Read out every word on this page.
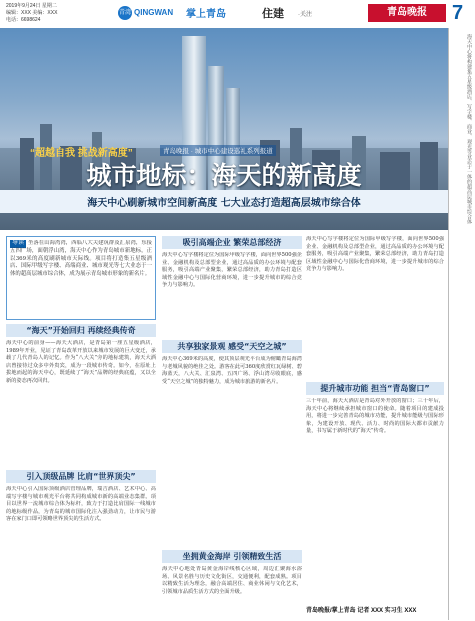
2019年9月24日 星期二
编辑：XXX 美编：XXX
电话：6698624
青湾 QINGWAN 掌上青岛	住建 ·关注	青岛晚报	7
“超越自我 挑战新高度”	青岛晚报 · 城市中心建设巡礼系列报道
城市地标：海天的新高度
海天中心刷新城市空间新高度 七大业态打造超高层城市综合体	海天中心将构建集五星级酒店、写字楼、商业、观光等业态于一体的超高层城市综合体
导读 坐落在山海湾湾，西临八大关建筑群及汇泉湾，东接五四广场，面朝浮山湾，海天中心作为青岛城市新地标，正以369米的高度刷新城市天际线。项目将打造集五星级酒店、国际甲级写字楼、高端商业、城市观光等七大业态于一体的超高层城市综合体，成为展示青岛城市形象的新名片。
“海天”开始回归 再续经典传奇
海天中心的前身——海天大酒店，是青岛第一座五星级酒店，1989年开业，见证了青岛改革开放以来城市发展的巨大变迁，承载了几代青岛人的记忆。作为“八大关”旁的地标建筑，海天大酒店曾接待过众多中外贵宾，成为一段城市传奇。如今，在原址上拔地而起的海天中心，既延续了“海天”品牌的经典底蕴，又以全新的姿态再次回归。
引入顶级品牌 比肩“世界顶尖”
海天中心引入国际顶级酒店管理品牌，瑞吉酒店、艺术中心、高端写字楼与城市观光平台将共同构成城市新的高端业态集群。项目以世界一流城市综合体为标杆，致力于打造比肩国际一线城市的地标级作品，为青岛的城市国际化注入强劲动力，让市民与游客在家门口即可领略世界顶尖的生活方式。
吸引高端企业 繁荣总部经济
海天中心写字楼将定位为国际甲级写字楼，面向世界500强企业、金融机构及总部型企业，通过高品质的办公环境与配套服务，吸引高端产业聚集，繁荣总部经济，助力青岛打造区域性金融中心与国际化营商环境，进一步提升城市的综合竞争力与影响力。
共享独家景观 感受“天空之城”
海天中心369米的高度，使其顶层观光平台成为俯瞰青岛海湾与老城风貌的绝佳之处。游客在此可360度欣赏红瓦绿树、碧海蓝天，八大关、汇泉湾、五四广场、浮山湾尽收眼底，感受“天空之城”的独特魅力，成为城市旅游的新名片。
坐拥黄金海岸 引领精致生活
海天中心地处青岛黄金海岸线核心区域，周边汇聚海水浴场、风景名胜与历史文化街区，交通便利，配套成熟。项目以精致生活为理念，融合高端居住、商业休闲与文化艺术，引领城市品质生活方式的全面升级。
海天中心写字楼将定位为国际甲级写字楼，面向世界500强企业、金融机构及总部型企业，通过高品质的办公环境与配套服务，吸引高端产业聚集，繁荣总部经济，助力青岛打造区域性金融中心与国际化营商环境，进一步提升城市的综合竞争力与影响力。
提升城市功能 担当“青岛窗口”
三十年前，海天大酒店是青岛对外开放的窗口；三十年后，海天中心将继续承担城市窗口的使命。随着项目的建成投用，将进一步完善青岛的城市功能，提升城市能级与国际形象，为建设开放、现代、活力、时尚的国际大都市贡献力量，书写属于新时代的“海天”传奇。
青岛晚报/掌上青岛 记者 XXX 实习生 XXX
